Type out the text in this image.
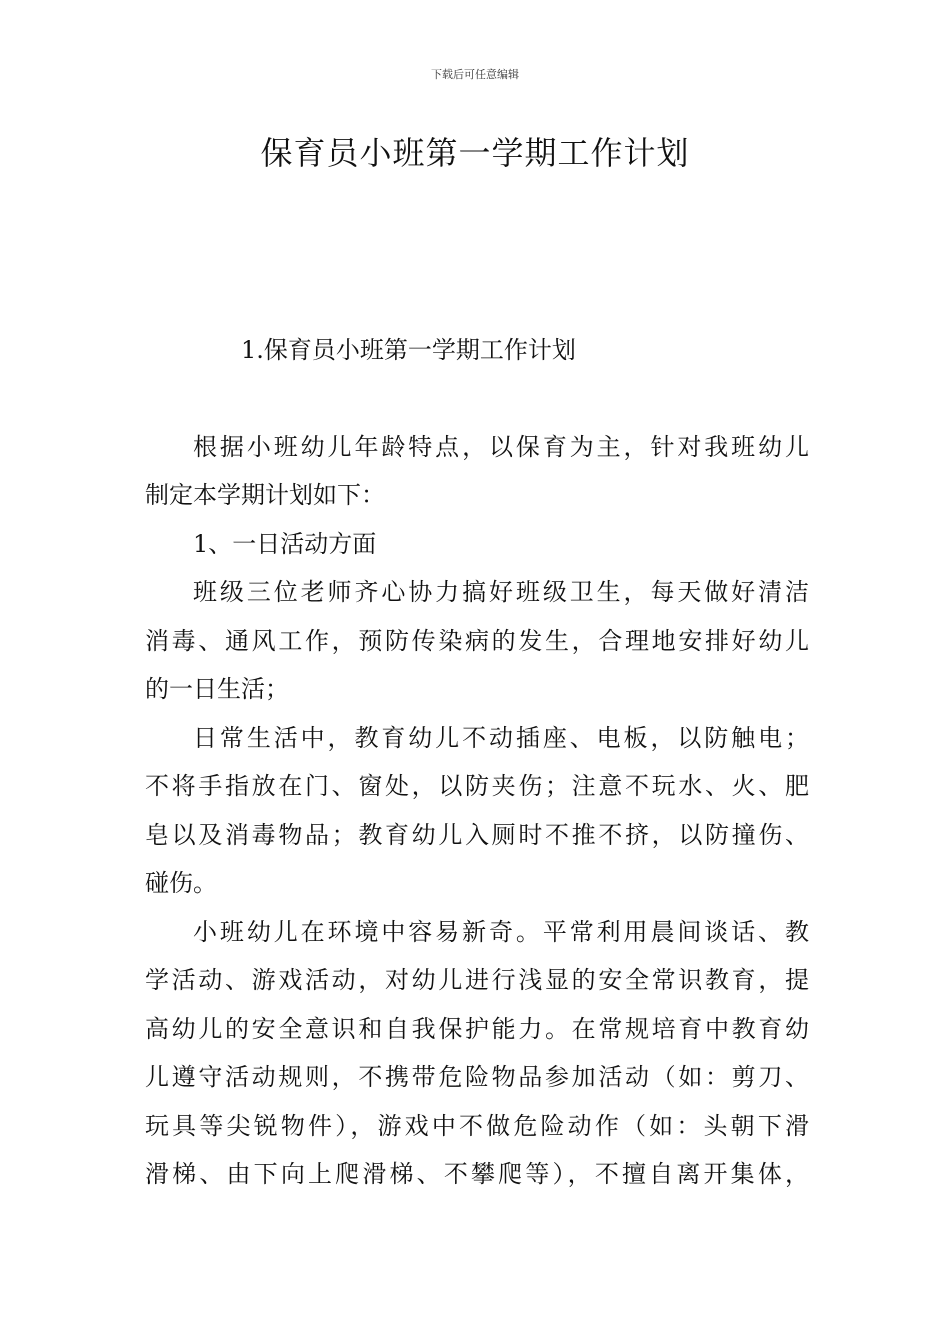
下载后可任意编辑
保育员小班第一学期工作计划

1.保育员小班第一学期工作计划

根据小班幼儿年龄特点，以保育为主，针对我班幼儿
制定本学期计划如下：
1、一日活动方面
班级三位老师齐心协力搞好班级卫生，每天做好清洁
消毒、通风工作，预防传染病的发生，合理地安排好幼儿
的一日生活；
日常生活中，教育幼儿不动插座、电板，以防触电；
不将手指放在门、窗处，以防夹伤；注意不玩水、火、肥
皂以及消毒物品；教育幼儿入厕时不推不挤，以防撞伤、
碰伤。
小班幼儿在环境中容易新奇。平常利用晨间谈话、教
学活动、游戏活动，对幼儿进行浅显的安全常识教育，提
高幼儿的安全意识和自我保护能力。在常规培育中教育幼
儿遵守活动规则，不携带危险物品参加活动（如：剪刀、
玩具等尖锐物件），游戏中不做危险动作（如：头朝下滑
滑梯、由下向上爬滑梯、不攀爬等），不擅自离开集体，
